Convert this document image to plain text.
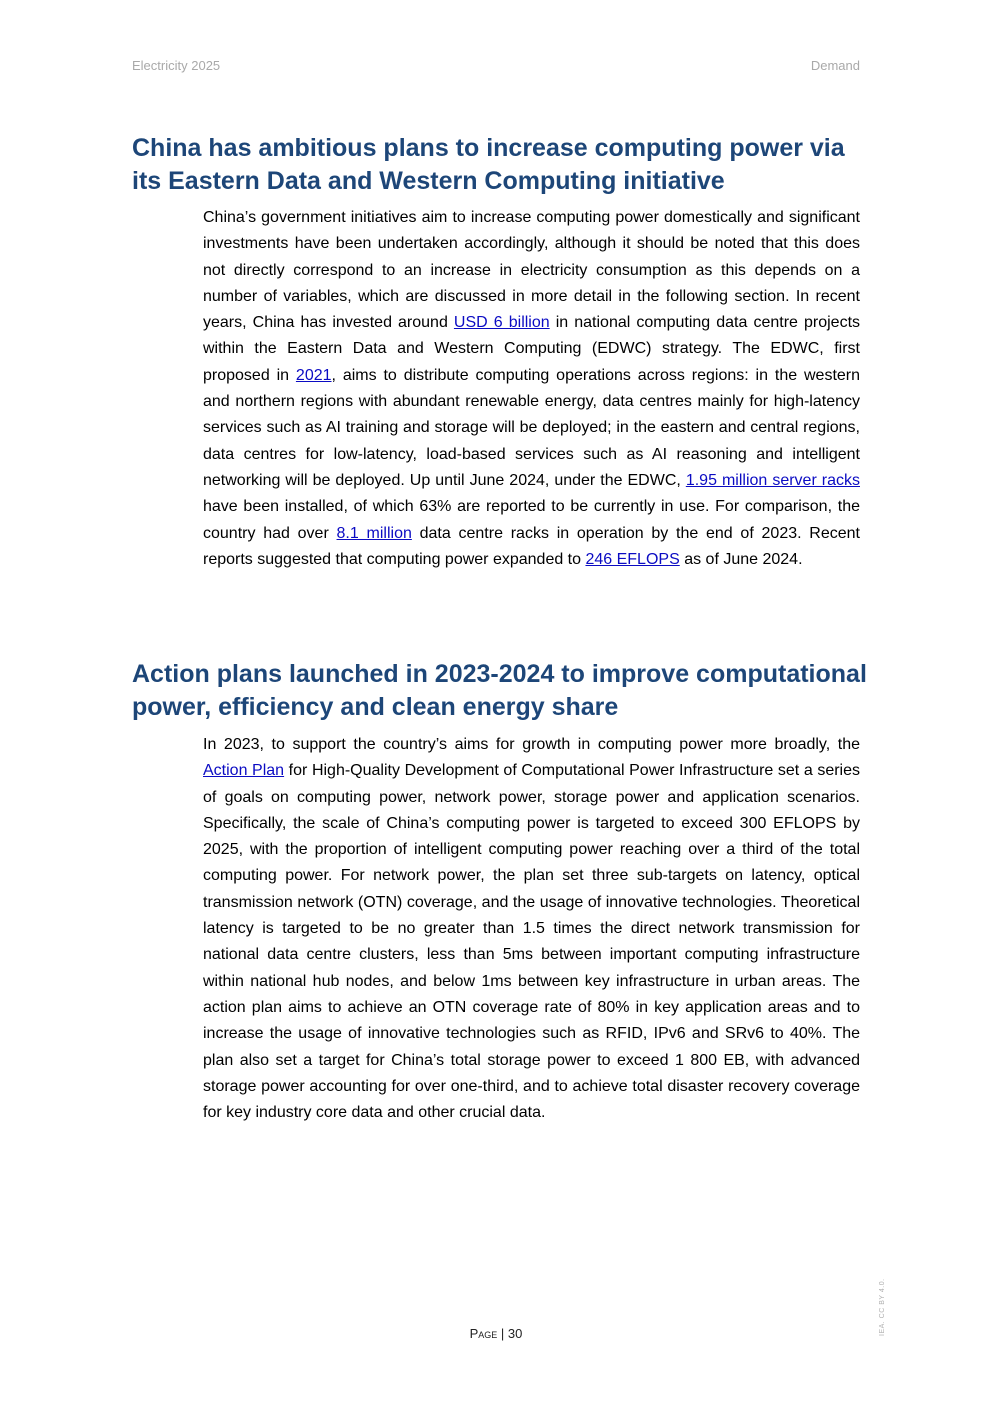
Electricity 2025	Demand
China has ambitious plans to increase computing power via its Eastern Data and Western Computing initiative

China’s government initiatives aim to increase computing power domestically and significant investments have been undertaken accordingly, although it should be noted that this does not directly correspond to an increase in electricity consumption as this depends on a number of variables, which are discussed in more detail in the following section. In recent years, China has invested around USD 6 billion in national computing data centre projects within the Eastern Data and Western Computing (EDWC) strategy. The EDWC, first proposed in 2021, aims to distribute computing operations across regions: in the western and northern regions with abundant renewable energy, data centres mainly for high-latency services such as AI training and storage will be deployed; in the eastern and central regions, data centres for low-latency, load-based services such as AI reasoning and intelligent networking will be deployed. Up until June 2024, under the EDWC, 1.95 million server racks have been installed, of which 63% are reported to be currently in use. For comparison, the country had over 8.1 million data centre racks in operation by the end of 2023. Recent reports suggested that computing power expanded to 246 EFLOPS as of June 2024.

Action plans launched in 2023-2024 to improve computational power, efficiency and clean energy share

In 2023, to support the country’s aims for growth in computing power more broadly, the Action Plan for High-Quality Development of Computational Power Infrastructure set a series of goals on computing power, network power, storage power and application scenarios. Specifically, the scale of China’s computing power is targeted to exceed 300 EFLOPS by 2025, with the proportion of intelligent computing power reaching over a third of the total computing power. For network power, the plan set three sub-targets on latency, optical transmission network (OTN) coverage, and the usage of innovative technologies. Theoretical latency is targeted to be no greater than 1.5 times the direct network transmission for national data centre clusters, less than 5ms between important computing infrastructure within national hub nodes, and below 1ms between key infrastructure in urban areas. The action plan aims to achieve an OTN coverage rate of 80% in key application areas and to increase the usage of innovative technologies such as RFID, IPv6 and SRv6 to 40%. The plan also set a target for China’s total storage power to exceed 1 800 EB, with advanced storage power accounting for over one-third, and to achieve total disaster recovery coverage for key industry core data and other crucial data.

Page | 30	IEA. CC BY 4.0.
